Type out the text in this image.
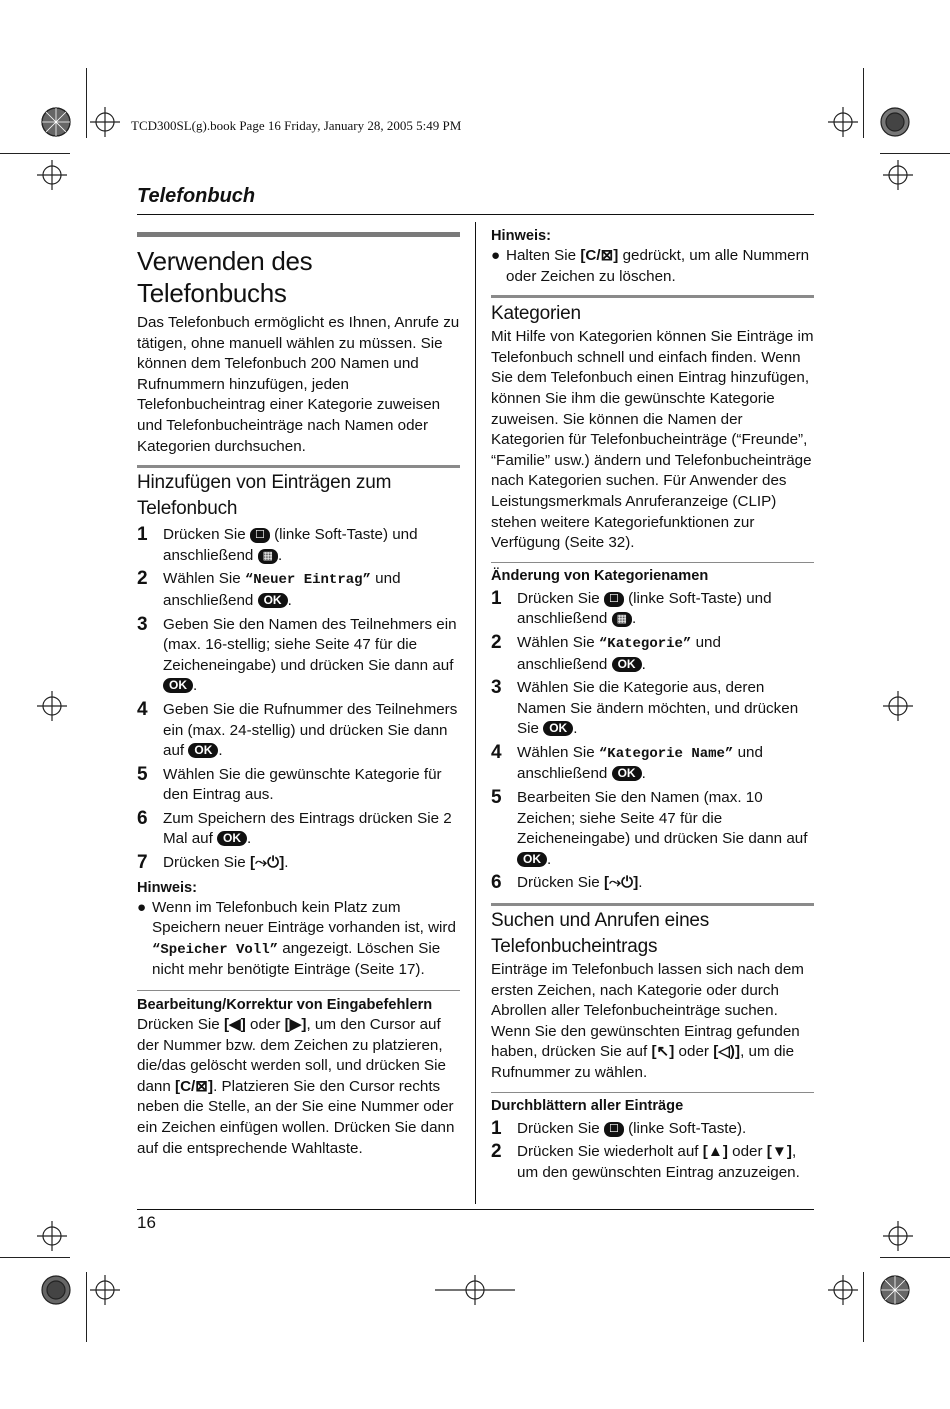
TCD300SL(g).book Page 16 Friday, January 28, 2005 5:49 PM
Telefonbuch
16
Verwenden des
Telefonbuchs

Das Telefonbuch ermöglicht es Ihnen, Anrufe zu tätigen, ohne manuell wählen zu müssen. Sie können dem Telefonbuch 200 Namen und Rufnummern hinzufügen, jeden Telefonbucheintrag einer Kategorie zuweisen und Telefonbucheinträge nach Namen oder Kategorien durchsuchen.

Hinzufügen von Einträgen zum
Telefonbuch
1	Drücken Sie ☐ (linke Soft-Taste) und
anschließend ▦ .
2	Wählen Sie “Neuer Eintrag” und
anschließend OK .
3	Geben Sie den Namen des Teilnehmers ein (max. 16-stellig; siehe Seite 47 für die Zeicheneingabe) und drücken Sie dann auf
OK .
4	Geben Sie die Rufnummer des Teilnehmers ein (max. 24-stellig) und drücken Sie dann auf OK .
5	Wählen Sie die gewünschte Kategorie für den Eintrag aus.
6	Zum Speichern des Eintrags drücken Sie 2 Mal auf OK .
7	Drücken Sie [⤳⏻].
Hinweis:
● Wenn im Telefonbuch kein Platz zum Speichern neuer Einträge vorhanden ist, wird “Speicher Voll” angezeigt. Löschen Sie nicht mehr benötigte Einträge (Seite 17).
Bearbeitung/Korrektur von Eingabefehlern

Drücken Sie [◀] oder [▶], um den Cursor auf der Nummer bzw. dem Zeichen zu platzieren, die/das gelöscht werden soll, und drücken Sie dann [C/⊠]. Platzieren Sie den Cursor rechts neben die Stelle, an der Sie eine Nummer oder ein Zeichen einfügen wollen. Drücken Sie dann auf die entsprechende Wahltaste.

Hinweis:
● Halten Sie [C/⊠] gedrückt, um alle Nummern oder Zeichen zu löschen.
Kategorien

Mit Hilfe von Kategorien können Sie Einträge im Telefonbuch schnell und einfach finden. Wenn Sie dem Telefonbuch einen Eintrag hinzufügen, können Sie ihm die gewünschte Kategorie zuweisen. Sie können die Namen der Kategorien für Telefonbucheinträge (“Freunde”, “Familie” usw.) ändern und Telefonbucheinträge nach Kategorien suchen. Für Anwender des Leistungsmerkmals Anruferanzeige (CLIP) stehen weitere Kategoriefunktionen zur Verfügung (Seite 32).

Änderung von Kategorienamen
1	Drücken Sie ☐ (linke Soft-Taste) und
anschließend ▦ .
2	Wählen Sie “Kategorie” und
anschließend OK .
3	Wählen Sie die Kategorie aus, deren Namen Sie ändern möchten, und drücken Sie OK .
4	Wählen Sie “Kategorie Name” und
anschließend OK .
5	Bearbeiten Sie den Namen (max. 10 Zeichen; siehe Seite 47 für die Zeicheneingabe) und drücken Sie dann auf
OK .
6	Drücken Sie [⤳⏻].
Suchen und Anrufen eines
Telefonbucheintrags

Einträge im Telefonbuch lassen sich nach dem ersten Zeichen, nach Kategorie oder durch Abrollen aller Telefonbucheinträge suchen. Wenn Sie den gewünschten Eintrag gefunden haben, drücken Sie auf [↖] oder [◁)], um die Rufnummer zu wählen.

Durchblättern aller Einträge
1	Drücken Sie ☐ (linke Soft-Taste).
2	Drücken Sie wiederholt auf [▲] oder [▼], um den gewünschten Eintrag anzuzeigen.
